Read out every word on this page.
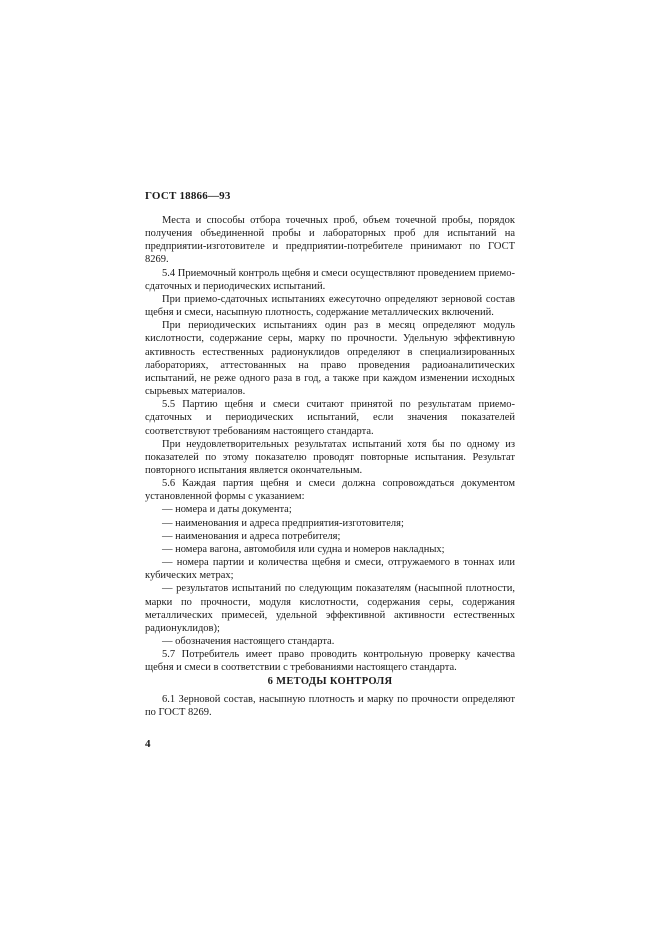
ГОСТ 18866—93

Места и способы отбора точечных проб, объем точечной пробы, порядок получения объединенной пробы и лабораторных проб для испытаний на предприятии-изготовителе и предприятии-потребителе принимают по ГОСТ 8269.

5.4 Приемочный контроль щебня и смеси осуществляют проведением приемо-сдаточных и периодических испытаний.

При приемо-сдаточных испытаниях ежесуточно определяют зерновой состав щебня и смеси, насыпную плотность, содержание металлических включений.

При периодических испытаниях один раз в месяц определяют модуль кислотности, содержание серы, марку по прочности. Удельную эффективную активность естественных радионуклидов определяют в специализированных лабораториях, аттестованных на право проведения радиоаналитических испытаний, не реже одного раза в год, а также при каждом изменении исходных сырьевых материалов.

5.5 Партию щебня и смеси считают принятой по результатам приемо-сдаточных и периодических испытаний, если значения показателей соответствуют требованиям настоящего стандарта.

При неудовлетворительных результатах испытаний хотя бы по одному из показателей по этому показателю проводят повторные испытания. Результат повторного испытания является окончательным.

5.6 Каждая партия щебня и смеси должна сопровождаться документом установленной формы с указанием:

— номера и даты документа;

— наименования и адреса предприятия-изготовителя;

— наименования и адреса потребителя;

— номера вагона, автомобиля или судна и номеров накладных;

— номера партии и количества щебня и смеси, отгружаемого в тоннах или кубических метрах;

— результатов испытаний по следующим показателям (насыпной плотности, марки по прочности, модуля кислотности, содержания серы, содержания металлических примесей, удельной эффективной активности естественных радионуклидов);

— обозначения настоящего стандарта.

5.7 Потребитель имеет право проводить контрольную проверку качества щебня и смеси в соответствии с требованиями настоящего стандарта.

6 МЕТОДЫ КОНТРОЛЯ

6.1 Зерновой состав, насыпную плотность и марку по прочности определяют по ГОСТ 8269.

4
